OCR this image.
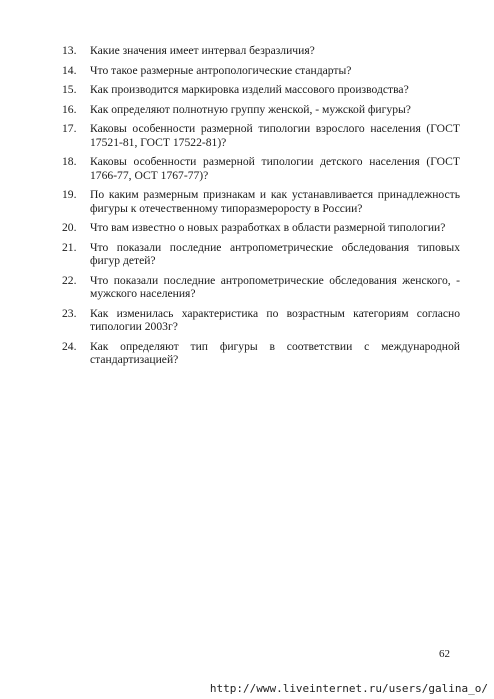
13.	Какие значения имеет интервал безразличия?
14.	Что такое размерные антропологические стандарты?
15.	Как производится маркировка изделий массового производства?
16.	Как определяют полнотную группу женской, - мужской фигуры?
17.	Каковы особенности размерной типологии взрослого населения (ГОСТ 17521-81, ГОСТ 17522-81)?
18.	Каковы особенности размерной типологии детского населения (ГОСТ 1766-77, ОСТ 1767-77)?
19.	По каким размерным признакам и как устанавливается принадлежность фигуры к отечественному типоразмеророcту в России?
20.	Что вам известно о новых разработках в области размерной типологии?
21.	Что показали последние антропометрические обследования типовых фигур детей?
22.	Что показали последние антропометрические обследования женского, - мужского населения?
23.	Как изменилась характеристика по возрастным категориям согласно типологии 2003г?
24.	Как определяют тип фигуры в соответствии с международной стандартизацией?
62
http://www.liveinternet.ru/users/galina_o/
